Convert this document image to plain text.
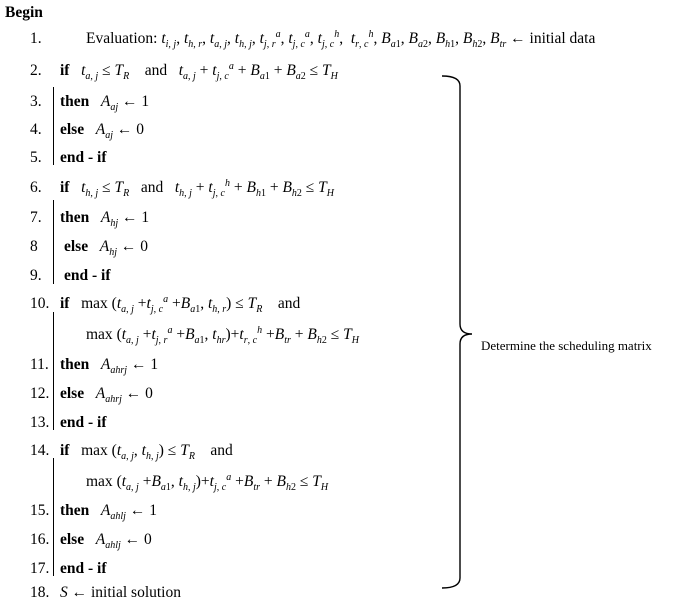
Begin
1.	Evaluation: $t_{i, j}$, $t_{h, r}$, $t_{a, j}$, $t_{h, j}$, $t_{j, r}^a$, $t_{j, c}^a$, $t_{j, c}^h$,  $t_{r, c}^h$, $B_{a1}$, $B_{a2}$, $B_{h1}$, $B_{h2}$, $B_{tr}$ ← initial data
2.	if $t_{a, j} \le T_R$ and $t_{a, j} + t_{j, c}^a + B_{a1} + B_{a2} \le T_H$
3.	then $A_{aj}$ ← 1
4.	else $A_{aj}$ ← 0
5.	end - if
6.	if $t_{h, j} \le T_R$ and $t_{h, j} + t_{j, c}^h + B_{h1} + B_{h2} \le T_H$
7.	then $A_{hj}$ ← 1
8	else $A_{hj}$ ← 0
9.	end - if
10. if $\max (t_{a, j} +t_{j, c}^a +B_{a1}$, $t_{h, r}) \le T_R$ and
$\max (t_{a, j} +t_{j, r}^a +B_{a1}$, $t_{hr})+t_{r, c}^h +B_{tr} + B_{h2} \le T_H$
11. then $A_{ahrj}$ ← 1
12. else $A_{ahrj}$ ← 0
13. end - if
14. if $\max (t_{a, j}$, $t_{h, j}) \le T_R$ and
$\max (t_{a, j} +B_{a1}$, $t_{h, j})+t_{j, c}^a +B_{tr} + B_{h2} \le T_H$
15. then $A_{ahlj}$ ← 1
16. else $A_{ahlj}$ ← 0
17. end - if
18. S ← initial solution
Determine the scheduling matrix
